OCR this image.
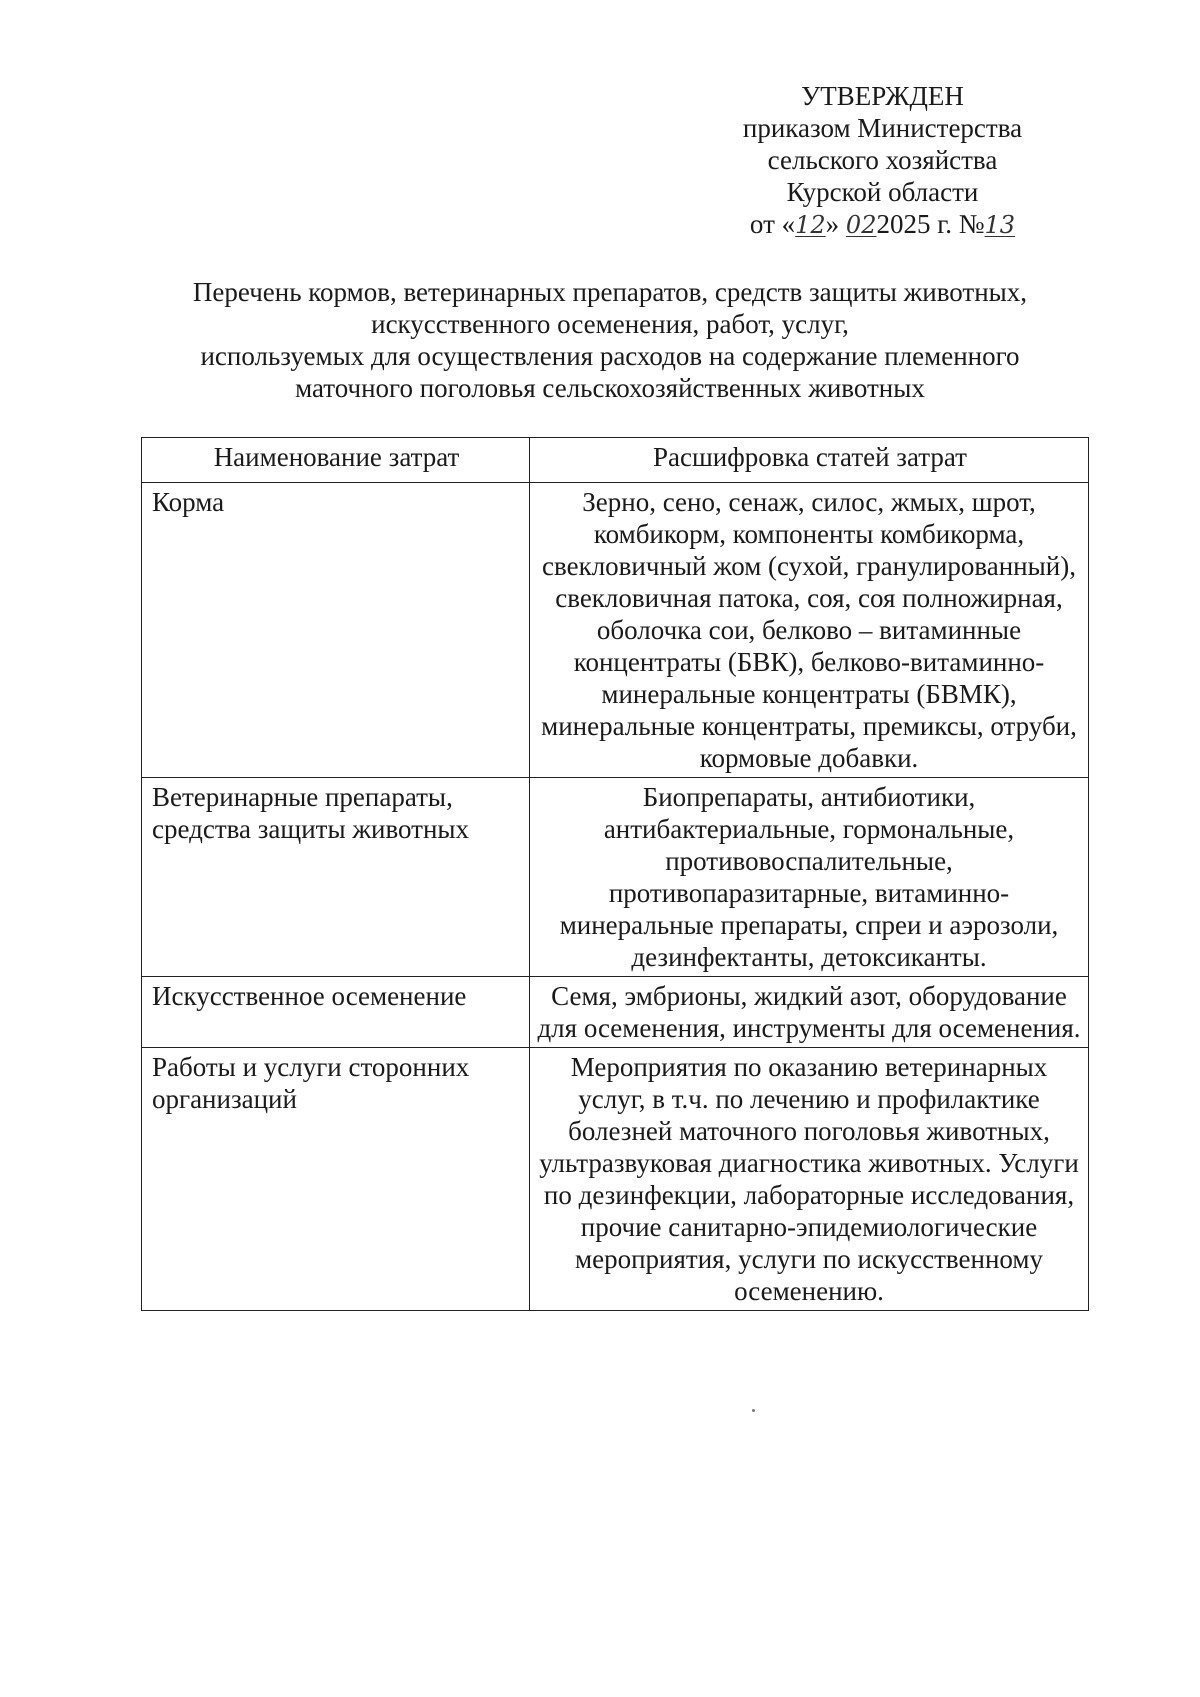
УТВЕРЖДЕН
приказом Министерства
сельского хозяйства
Курской области
от «12» 022025 г. №13
Перечень кормов, ветеринарных препаратов, средств защиты животных,
искусственного осеменения, работ, услуг,
используемых для осуществления расходов на содержание племенного
маточного поголовья сельскохозяйственных животных
Наименование затрат	Расшифровка статей затрат
Корма	Зерно, сено, сенаж, силос, жмых, шрот, комбикорм, компоненты комбикорма, свекловичный жом (сухой, гранулированный), свекловичная патока, соя, соя полножирная, оболочка сои, белково – витаминные концентраты (БВК), белково-витаминно-минеральные концентраты (БВМК), минеральные концентраты, премиксы, отруби, кормовые добавки.
Ветеринарные препараты, средства защиты животных	Биопрепараты, антибиотики, антибактериальные, гормональные, противовоспалительные, противопаразитарные, витаминно-минеральные препараты, спреи и аэрозоли, дезинфектанты, детоксиканты.
Искусственное осеменение	Семя, эмбрионы, жидкий азот, оборудование для осеменения, инструменты для осеменения.
Работы и услуги сторонних организаций	Мероприятия по оказанию ветеринарных услуг, в т.ч. по лечению и профилактике болезней маточного поголовья животных, ультразвуковая диагностика животных. Услуги по дезинфекции, лабораторные исследования, прочие санитарно-эпидемиологические мероприятия, услуги по искусственному осеменению.
